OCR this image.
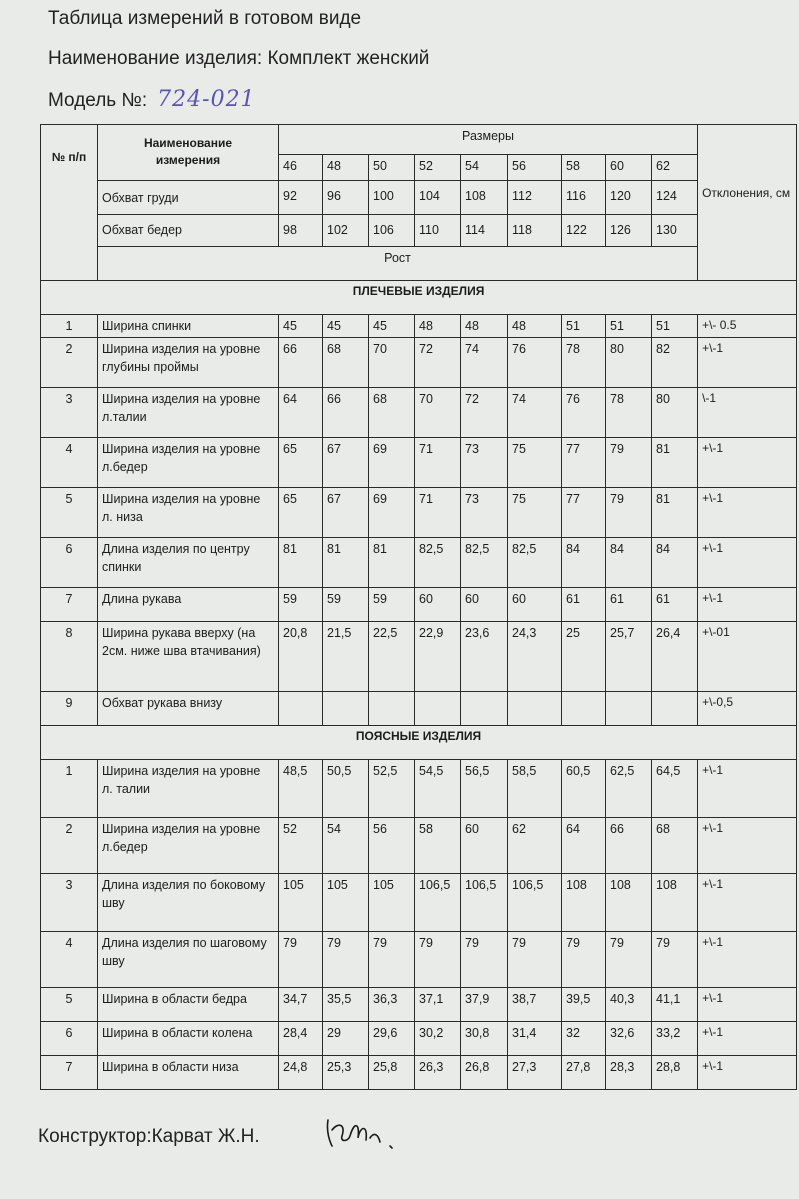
Таблица измерений в готовом виде
Наименование изделия: Комплект женский
Модель №: 724-021
№ п/п	Наименование измерения	Размеры									Отклонения, см
		46	48	50	52	54	56	58	60	62	
	Обхват груди	92	96	100	104	108	112	116	120	124	
	Обхват бедер	98	102	106	110	114	118	122	126	130	
	Рост										
ПЛЕЧЕВЫЕ ИЗДЕЛИЯ											
1	Ширина спинки	45	45	45	48	48	48	51	51	51	+\- 0.5
2	Ширина изделия на уровне глубины проймы	66	68	70	72	74	76	78	80	82	+\-1
3	Ширина изделия на уровне л.талии	64	66	68	70	72	74	76	78	80	\-1
4	Ширина изделия на уровне л.бедер	65	67	69	71	73	75	77	79	81	+\-1
5	Ширина изделия на уровне л. низа	65	67	69	71	73	75	77	79	81	+\-1
6	Длина изделия по центру спинки	81	81	81	82,5	82,5	82,5	84	84	84	+\-1
7	Длина рукава	59	59	59	60	60	60	61	61	61	+\-1
8	Ширина рукава вверху (на 2см. ниже шва втачивания)	20,8	21,5	22,5	22,9	23,6	24,3	25	25,7	26,4	+\-01
9	Обхват рукава внизу										+\-0,5
ПОЯСНЫЕ ИЗДЕЛИЯ											
1	Ширина изделия на уровне л. талии	48,5	50,5	52,5	54,5	56,5	58,5	60,5	62,5	64,5	+\-1
2	Ширина изделия на уровне л.бедер	52	54	56	58	60	62	64	66	68	+\-1
3	Длина изделия по боковому шву	105	105	105	106,5	106,5	106,5	108	108	108	+\-1
4	Длина изделия по шаговому шву	79	79	79	79	79	79	79	79	79	+\-1
5	Ширина в области бедра	34,7	35,5	36,3	37,1	37,9	38,7	39,5	40,3	41,1	+\-1
6	Ширина в области колена	28,4	29	29,6	30,2	30,8	31,4	32	32,6	33,2	+\-1
7	Ширина в области низа	24,8	25,3	25,8	26,3	26,8	27,3	27,8	28,3	28,8	+\-1
Конструктор:Карват Ж.Н.
